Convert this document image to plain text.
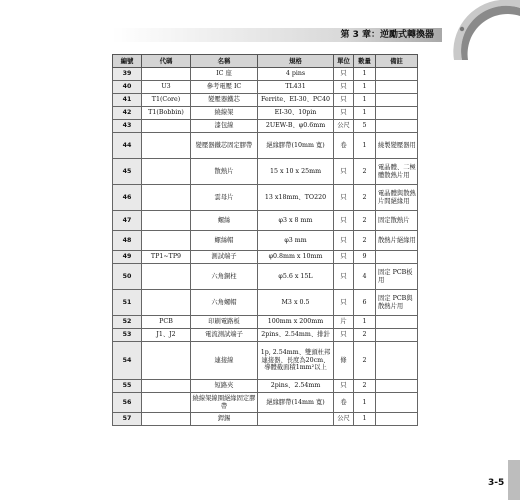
第 3 章：逆勵式轉換器
編號	代碼	名稱	規格	單位	數量	備註
39		IC 座	4 pins	只	1	
40	U3	參考電壓 IC	TL431	只	1	
41	T1(Core)	變壓器鐵芯	Ferrite、EI-30、PC40	只	1	
42	T1(Bobbin)	繞線架	EI-30、10pin	只	1	
43		漆包線	2UEW-B、φ0.6mm	公尺	5	
44		變壓器鐵芯固定膠帶	絕緣膠帶(10mm 寬)	卷	1	繞製變壓器用
45		散熱片	15 x 10 x 25mm	只	2	電晶體、二極體散熱片用
46		雲母片	13 x18mm、TO220	只	2	電晶體與散熱片間絕緣用
47		螺絲	φ3 x 8 mm	只	2	固定散熱片
48		螺絲帽	φ3 mm	只	2	散熱片絕緣用
49	TP1~TP9	測試端子	φ0.8mm x 10mm	只	9	
50		六角銅柱	φ5.6 x 15L	只	4	固定 PCB板用
51		六角螺帽	M3 x 0.5	只	6	固定 PCB與散熱片用
52	PCB	印刷電路板	100mm x 200mm	片	1	
53	J1、J2	電流測試端子	2pins、2.54mm、排針	只	2	
54		連接線	1p, 2.54mm、雙頭杜邦連接器、長度為20cm、導體截面積1mm²以上	條	2	
55		短路夾	2pins、2.54mm	只	2	
56		繞線架線圈絕緣固定膠帶	絕緣膠帶(14mm 寬)	卷	1	
57		銲錫		公尺	1	
3-5
